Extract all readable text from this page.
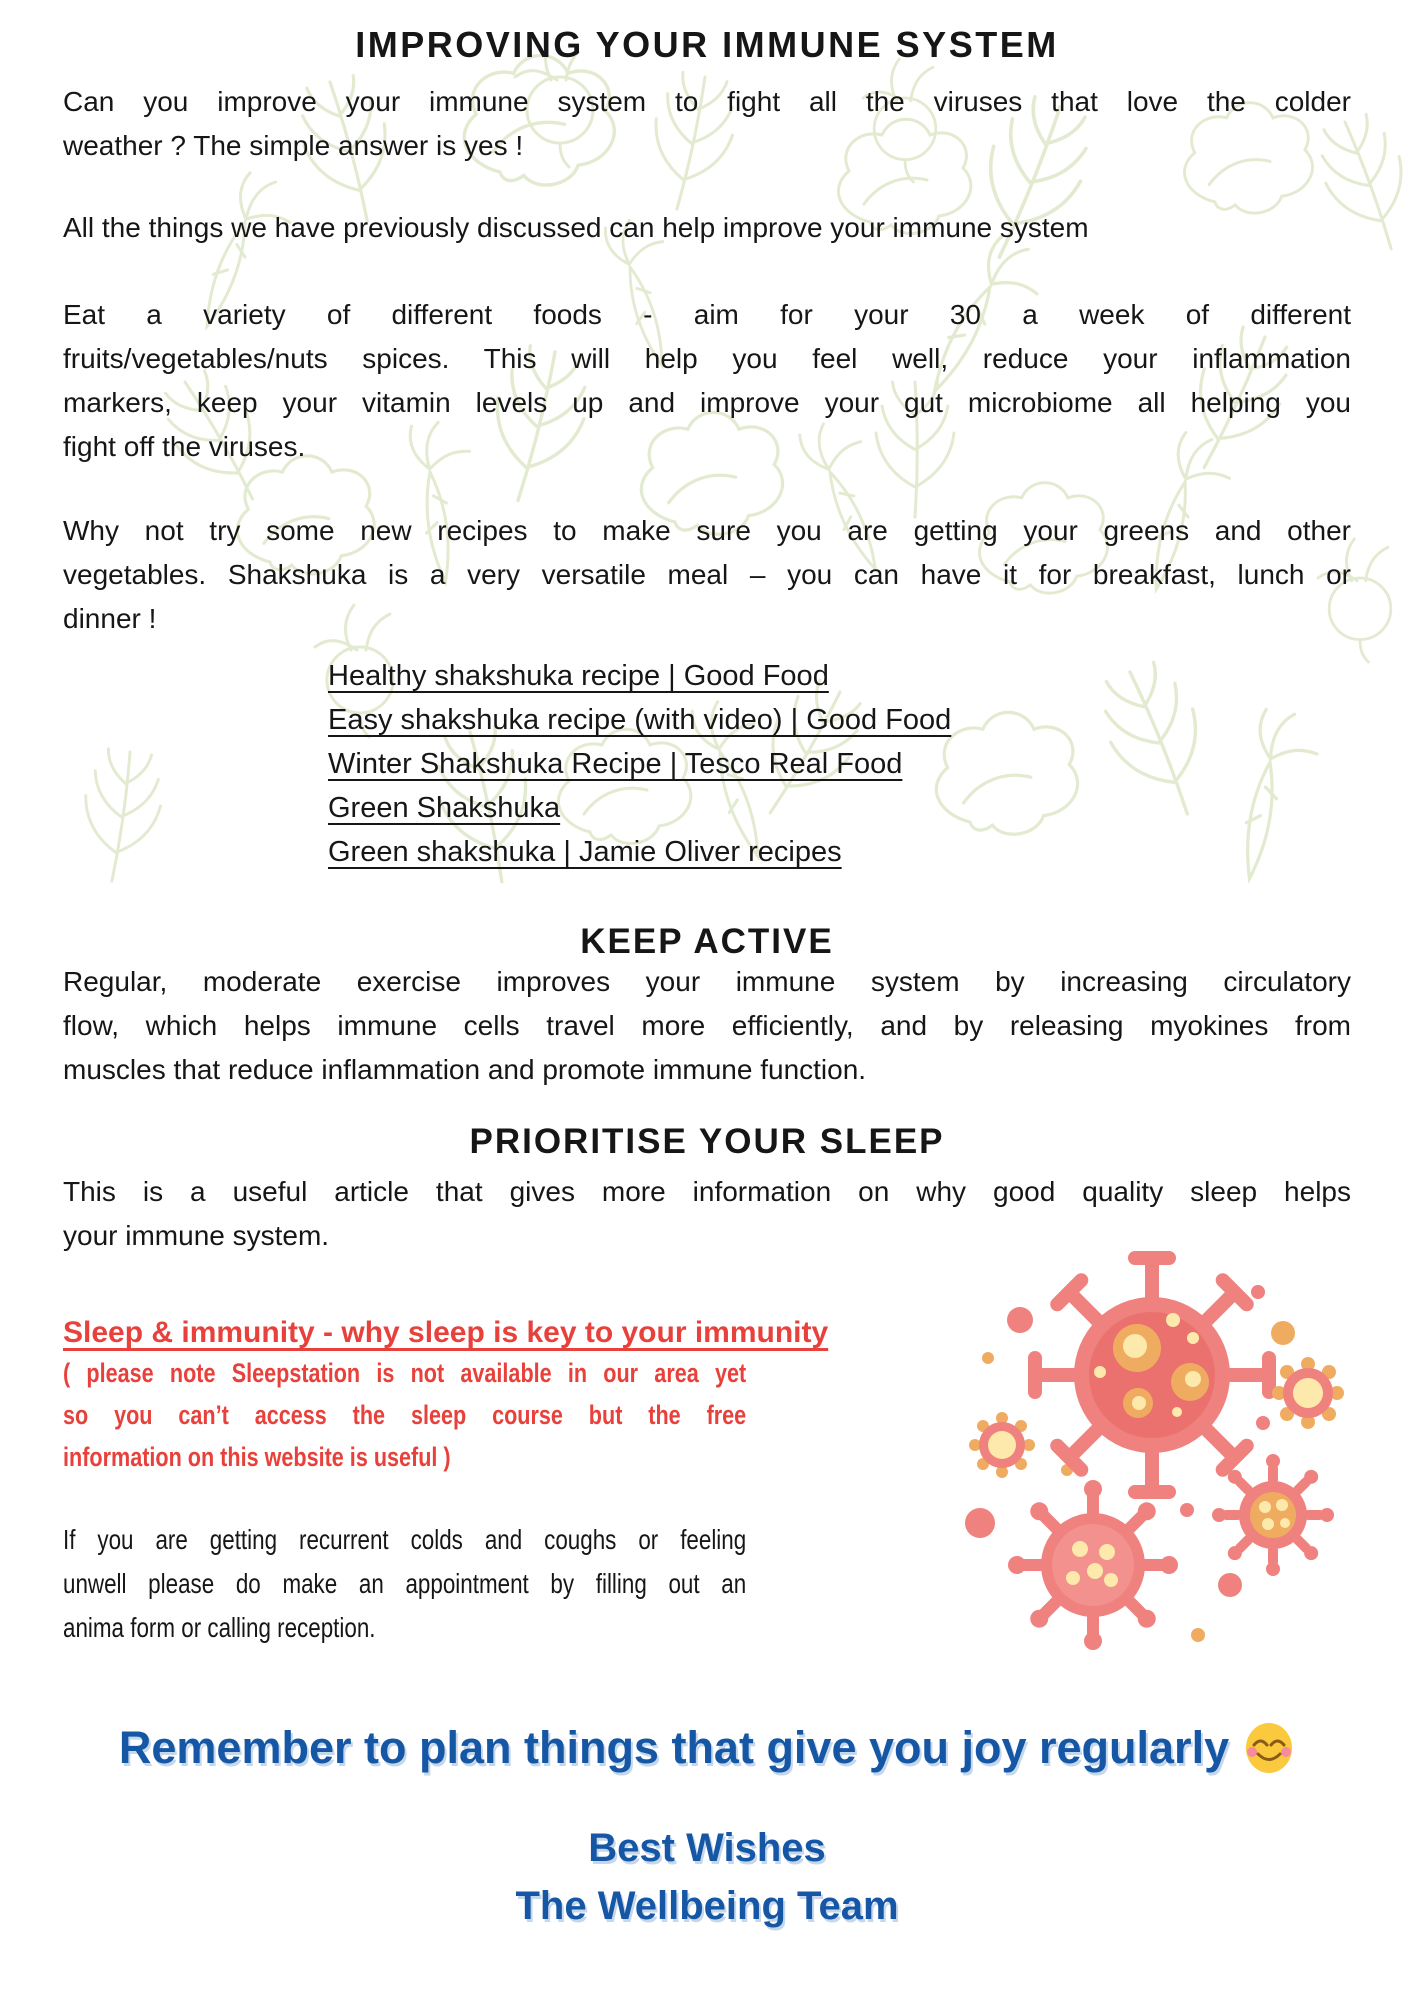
IMPROVING YOUR IMMUNE SYSTEM
Can you improve your immune system to fight all the viruses that love the colder
weather ? The simple answer is yes !
All the things we have previously discussed can help improve your immune system
Eat a variety of different foods - aim for your 30 a week of different
fruits/vegetables/nuts spices. This will help you feel well, reduce your inflammation
markers, keep your vitamin levels up and improve your gut microbiome all helping you
fight off the viruses.
Why not try some new recipes to make sure you are getting your greens and other
vegetables. Shakshuka is a very versatile meal – you can have it for breakfast, lunch or
dinner !
Healthy shakshuka recipe | Good Food
Easy shakshuka recipe (with video) | Good Food
Winter Shakshuka Recipe | Tesco Real Food
Green Shakshuka
Green shakshuka | Jamie Oliver recipes
KEEP ACTIVE
Regular, moderate exercise improves your immune system by increasing circulatory
flow, which helps immune cells travel more efficiently, and by releasing myokines from
muscles that reduce inflammation and promote immune function.
PRIORITISE YOUR SLEEP
This is a useful article that gives more information on why good quality sleep helps
your immune system.
Sleep & immunity - why sleep is key to your immunity
( please note Sleepstation is not available in our area yet
so you can’t access the sleep course but the free
information on this website is useful )
If you are getting recurrent colds and coughs or feeling
unwell please do make an appointment by filling out an
anima form or calling reception.
Remember to plan things that give you joy regularly
Best Wishes
The Wellbeing Team
